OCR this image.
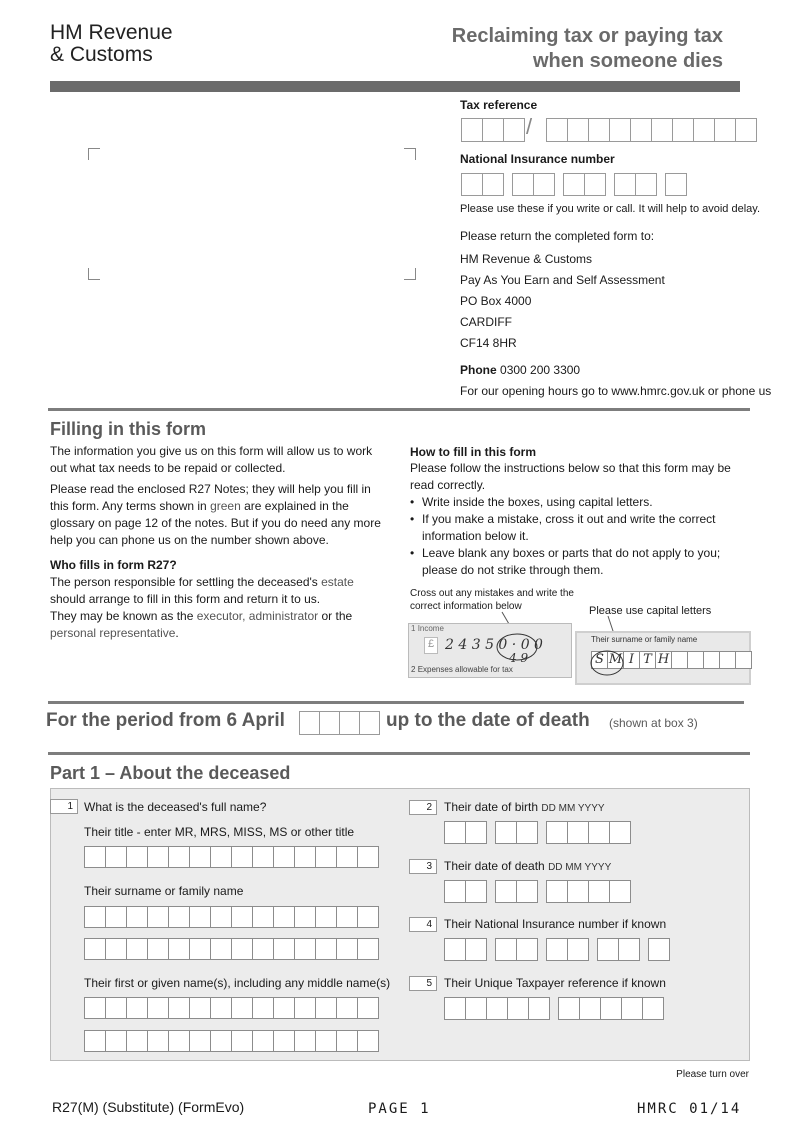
HM Revenue
& Customs
Reclaiming tax or paying tax
when someone dies
Tax reference
/
National Insurance number
Please use these if you write or call. It will help to avoid delay.
Please return the completed form to:
HM Revenue & Customs
Pay As You Earn and Self Assessment
PO Box 4000
CARDIFF
CF14 8HR
Phone 0300 200 3300
For our opening hours go to www.hmrc.gov.uk or phone us
Filling in this form
The information you give us on this form will allow us to work out what tax needs to be repaid or collected.
Please read the enclosed R27 Notes; they will help you fill in this form. Any terms shown in green are explained in the glossary on page 12 of the notes. But if you do need any more help you can phone us on the number shown above.
Who fills in form R27?
The person responsible for settling the deceased's estate should arrange to fill in this form and return it to us.
They may be known as the executor, administrator or the personal representative.
How to fill in this form
Please follow the instructions below so that this form may be read correctly.
• Write inside the boxes, using capital letters.
• If you make a mistake, cross it out and write the correct information below it.
• Leave blank any boxes or parts that do not apply to you; please do not strike through them.
Cross out any mistakes and write the correct information below	Please use capital letters
1 Income
£ 2 4 3 5 0 · 0 0
4 9
2 Expenses allowable for tax
Their surname or family name
S M I T H
For the period from 6 April	up to the date of death (shown at box 3)
Part 1 – About the deceased
1 What is the deceased's full name?
Their title - enter MR, MRS, MISS, MS or other title
Their surname or family name
Their first or given name(s), including any middle name(s)
2	Their date of birth DD MM YYYY
3	Their date of death DD MM YYYY
4	Their National Insurance number if known
5	Their Unique Taxpayer reference if known
Please turn over
R27(M) (Substitute) (FormEvo)	PAGE 1	HMRC 01/14
